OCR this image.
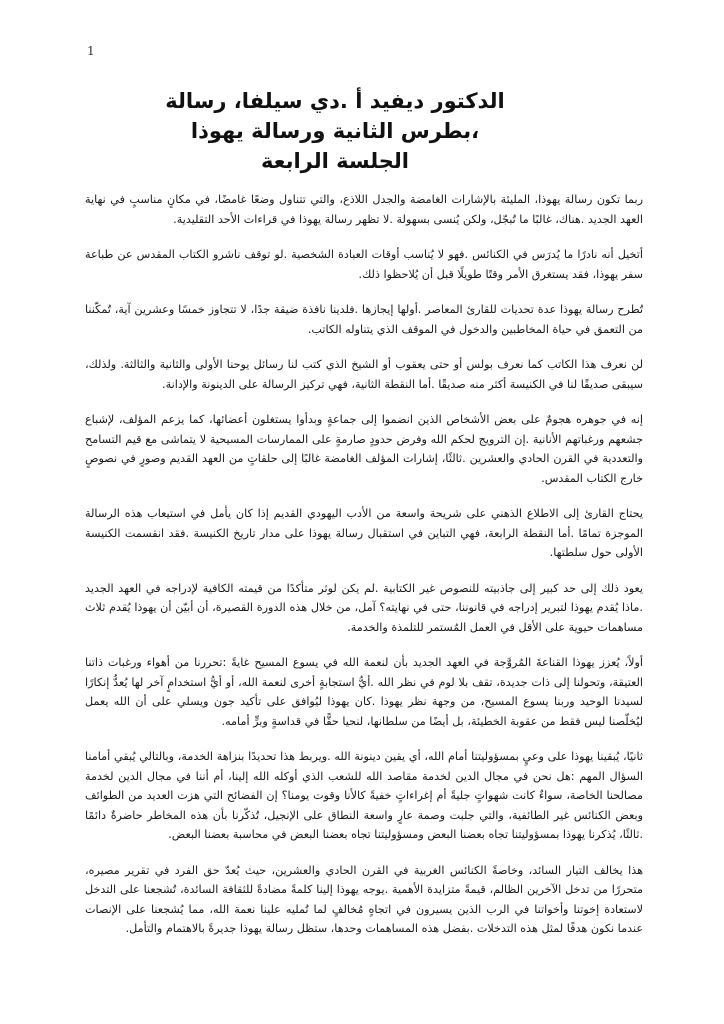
1
الدكتور ديفيد أ .دي سيلفا، رسالة
،بطرس الثانية ورسالة يهوذا
الجلسة الرابعة

ربما تكون رسالة يهوذا، المليئة بالإشارات الغامضة والجدل اللاذع، والتي تتناول وضعًا غامضًا، في مكانٍ مناسبٍ في نهاية العهد الجديد .هناك، غالبًا ما تُبجّل، ولكن يُنسى بسهولة .لا تظهر رسالة يهوذا في قراءات الأحد التقليدية.

أتخيل أنه نادرًا ما يُدرَس في الكنائس .فهو لا يُناسب أوقات العبادة الشخصية .لو توقف ناشرو الكتاب المقدس عن طباعة سفر يهوذا، فقد يستغرق الأمر وقتًا طويلًا قبل أن يُلاحظوا ذلك.

تُطرح رسالة يهوذا عدة تحديات للقارئ المعاصر .أولها إيجازها .فلدينا نافذة ضيقة جدًا، لا تتجاوز خمسًا وعشرين آية، تُمكّننا من التعمق في حياة المخاطبين والدخول في الموقف الذي يتناوله الكاتب.

لن نعرف هذا الكاتب كما نعرف بولس أو حتى يعقوب أو الشيخ الذي كتب لنا رسائل يوحنا الأولى والثانية والثالثة. ولذلك، سيبقى صديقًا لنا في الكنيسة أكثر منه صديقًا .أما النقطة الثانية، فهي تركيز الرسالة على الدينونة والإدانة.

إنه في جوهره هجومٌ على بعض الأشخاص الذين انضموا إلى جماعةٍ وبدأوا يستغلون أعضائها، كما يزعم المؤلف، لإشباع جشعهم ورغباتهم الأنانية .إن الترويج لحكم الله وفرض حدودٍ صارمةٍ على الممارسات المسيحية لا يتماشى مع قيم التسامح والتعددية في القرن الحادي والعشرين .ثالثًا، إشارات المؤلف الغامضة غالبًا إلى حلقاتٍ من العهد القديم وصورٍ في نصوصٍ خارج الكتاب المقدس.

يحتاج القارئ إلى الاطلاع الذهني على شريحة واسعة من الأدب اليهودي القديم إذا كان يأمل في استيعاب هذه الرسالة الموجزة تمامًا .أما النقطة الرابعة، فهي التباين في استقبال رسالة يهوذا على مدار تاريخ الكنيسة .فقد انقسمت الكنيسة الأولى حول سلطتها.

يعود ذلك إلى حد كبير إلى جاذبيته للنصوص غير الكتابية .لم يكن لوثر متأكدًا من قيمته الكافية لإدراجه في العهد الجديد .ماذا يُقدم يهوذا لتبرير إدراجه في قانوننا، حتى في نهايته؟ آمل، من خلال هذه الدورة القصيرة، أن أبيّن أن يهوذا يُقدم ثلاث مساهمات حيوية على الأقل في العمل المُستمر للتلمذة والخدمة.

أولاً، يُعزز يهوذا القناعةَ المُروَّجة في العهد الجديد بأن لنعمة الله في يسوع المسيح غايةً :تحررنا من أهواء ورغبات ذاتنا العتيقة، وتحولنا إلى ذات جديدة، تقف بلا لوم في نظر الله .أيُّ استجابةٍ أخرى لنعمة الله، أو أيُّ استخدامٍ آخر لها يُعدُّ إنكارًا لسيدنا الوحيد وربنا يسوع المسيح، من وجهة نظر يهوذا .كان يهوذا ليُوافق على تأكيد جون ويسلي على أن الله يعمل ليُخلّصنا ليس فقط من عقوبة الخطيئة، بل أيضًا من سلطانها، لنحيا حقًّا في قداسةٍ وبرٍّ أمامه.

ثانيًا، يُبقينا يهوذا على وعيٍ بمسؤوليتنا أمام الله، أي يقين دينونة الله .ويربط هذا تحديدًا بنزاهة الخدمة، وبالتالي يُبقي أمامنا السؤال المهم :هل نحن في مجال الدين لخدمة مقاصد الله للشعب الذي أوكله الله إلينا، أم أننا في مجال الدين لخدمة مصالحنا الخاصة، سواءٌ كانت شهواتٍ جليةً أم إغراءاتٍ خفيةً كالأنا وقوت يومنا؟ إن الفضائح التي هزت العديد من الطوائف وبعض الكنائس غير الطائفية، والتي جلبت وصمة عارٍ واسعة النطاق على الإنجيل، تُذكّرنا بأن هذه المخاطر حاضرةٌ دائمًا .ثالثًا، يُذكرنا يهوذا بمسؤوليتنا تجاه بعضنا البعض ومسؤوليتنا تجاه بعضنا البعض في محاسبة بعضنا البعض.

هذا يخالف التيار السائد، وخاصةً الكنائس الغربية في القرن الحادي والعشرين، حيث يُعدّ حق الفرد في تقرير مصيره، متحررًا من تدخل الآخرين الظالم، قيمةً متزايدة الأهمية .يوجه يهوذا إلينا كلمةً مضادةً للثقافة السائدة، تُشجعنا على التدخل لاستعادة إخوتنا وأخواتنا في الرب الذين يسيرون في اتجاهٍ مُخالفٍ لما تُمليه علينا نعمة الله، مما يُشجعنا على الإنصات عندما نكون هدفًا لمثل هذه التدخلات .بفضل هذه المساهمات وحدها، ستظل رسالة يهوذا جديرةً بالاهتمام والتأمل.
